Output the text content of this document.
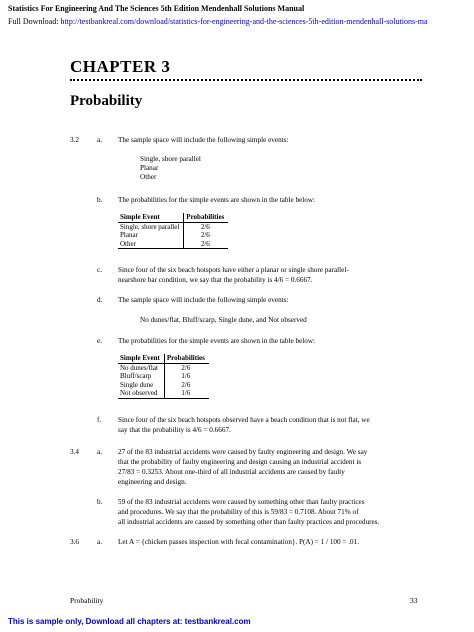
Statistics For Engineering And The Sciences 5th Edition Mendenhall Solutions Manual
Full Download: http://testbankreal.com/download/statistics-for-engineering-and-the-sciences-5th-edition-mendenhall-solutions-ma
CHAPTER 3
Probability
3.2	a. The sample space will include the following simple events:
Single, shore parallel
Planar
Other
b. The probabilities for the simple events are shown in the table below:
Simple Event	Probabilities
Single, shore parallel	2/6
Planar	2/6
Other	2/6
c. Since four of the six beach hotspots have either a planar or single shore parallel-
nearshore bar condition, we say that the probability is 4/6 = 0.6667.
d. The sample space will include the following simple events:
No dunes/flat, Bluff/scarp, Single dune, and Not observed
e. The probabilities for the simple events are shown in the table below:
Simple Event	Probabilities
No dunes/flat	2/6
Bluff/scarp	1/6
Single dune	2/6
Not observed	1/6
f. Since four of the six beach hotspots observed have a beach condition that is not flat, we
say that the probability is 4/6 = 0.6667.
3.4	a. 27 of the 83 industrial accidents were caused by faulty engineering and design. We say
that the probability of faulty engineering and design causing an industrial accident is
27/83 = 0.3253. About one-third of all industrial accidents are caused by faulty
engineering and design.
b. 59 of the 83 industrial accidents were caused by something other than faulty practices
and procedures. We say that the probability of this is 59/83 = 0.7108. About 71% of
all industrial accidents are caused by something other than faulty practices and procedures.
3.6	a. Let A = {chicken passes inspection with fecal contamination}. P(A) = 1 / 100 = .01.
Probability	33
This is sample only, Download all chapters at: testbankreal.com
